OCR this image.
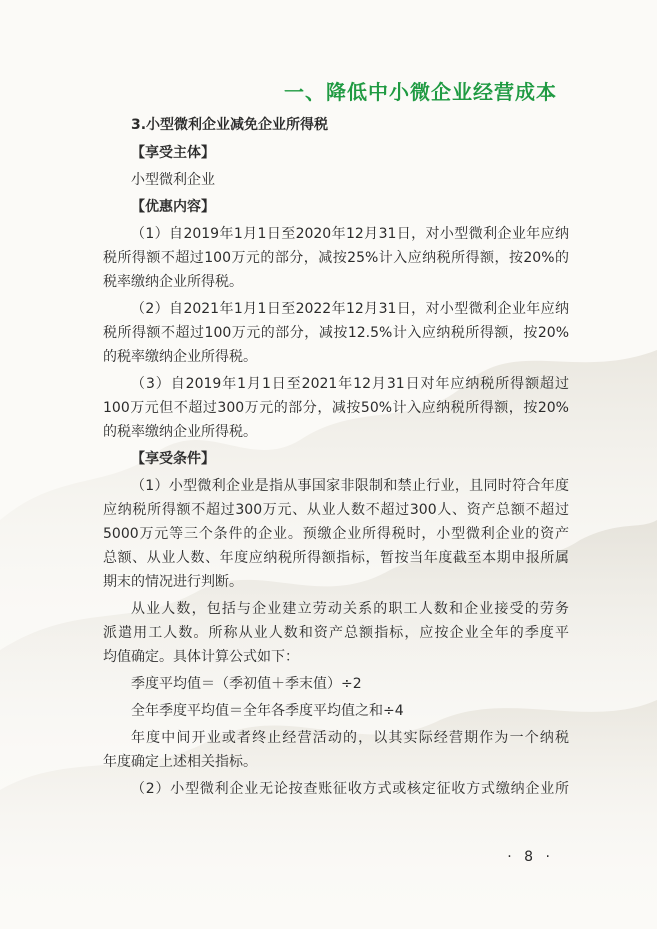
一、降低中小微企业经营成本
3.小型微利企业减免企业所得税
【享受主体】
小型微利企业
【优惠内容】
（1）自2019年1月1日至2020年12月31日，对小型微利企业年应纳
税所得额不超过100万元的部分，减按25%计入应纳税所得额，按20%的
税率缴纳企业所得税。
（2）自2021年1月1日至2022年12月31日，对小型微利企业年应纳
税所得额不超过100万元的部分，减按12.5%计入应纳税所得额，按20%
的税率缴纳企业所得税。
（3）自2019年1月1日至2021年12月31日对年应纳税所得额超过
100万元但不超过300万元的部分，减按50%计入应纳税所得额，按20%
的税率缴纳企业所得税。
【享受条件】
（1）小型微利企业是指从事国家非限制和禁止行业，且同时符合年度
应纳税所得额不超过300万元、从业人数不超过300人、资产总额不超过
5000万元等三个条件的企业。预缴企业所得税时，小型微利企业的资产
总额、从业人数、年度应纳税所得额指标，暂按当年度截至本期申报所属
期末的情况进行判断。
从业人数，包括与企业建立劳动关系的职工人数和企业接受的劳务
派遣用工人数。所称从业人数和资产总额指标，应按企业全年的季度平
均值确定。具体计算公式如下：
季度平均值＝（季初值＋季末值）÷2
全年季度平均值＝全年各季度平均值之和÷4
年度中间开业或者终止经营活动的，以其实际经营期作为一个纳税
年度确定上述相关指标。
（2）小型微利企业无论按查账征收方式或核定征收方式缴纳企业所
· 8 ·
